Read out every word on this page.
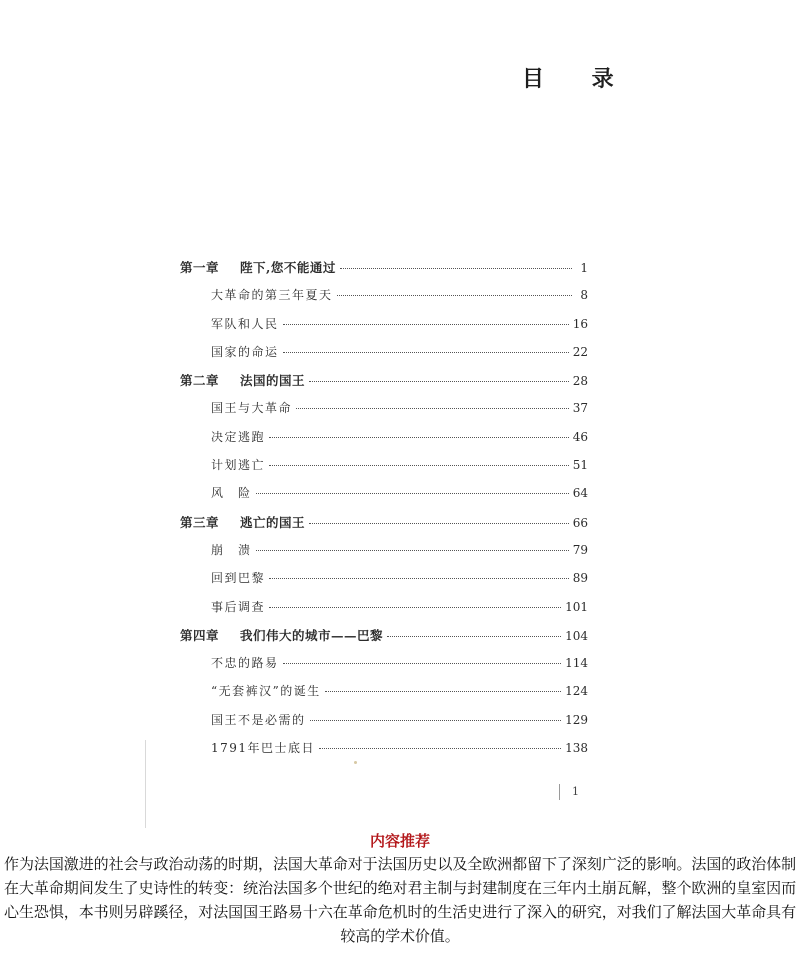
目 录
第一章	陛下,您不能通过	1
大革命的第三年夏天	8
军队和人民	16
国家的命运	22
第二章	法国的国王	28
国王与大革命	37
决定逃跑	46
计划逃亡	51
风　险	64
第三章	逃亡的国王	66
崩　溃	79
回到巴黎	89
事后调查	101
第四章	我们伟大的城市——巴黎	104
不忠的路易	114
“无套裤汉”的诞生	124
国王不是必需的	129
1791年巴士底日	138
1
内容推荐
作为法国激进的社会与政治动荡的时期，法国大革命对于法国历史以及全欧洲都留下了深刻广泛的影响。法国的政治体制在大革命期间发生了史诗性的转变：统治法国多个世纪的绝对君主制与封建制度在三年内土崩瓦解，整个欧洲的皇室因而心生恐惧，本书则另辟蹊径，对法国国王路易十六在革命危机时的生活史进行了深入的研究，对我们了解法国大革命具有较高的学术价值。
